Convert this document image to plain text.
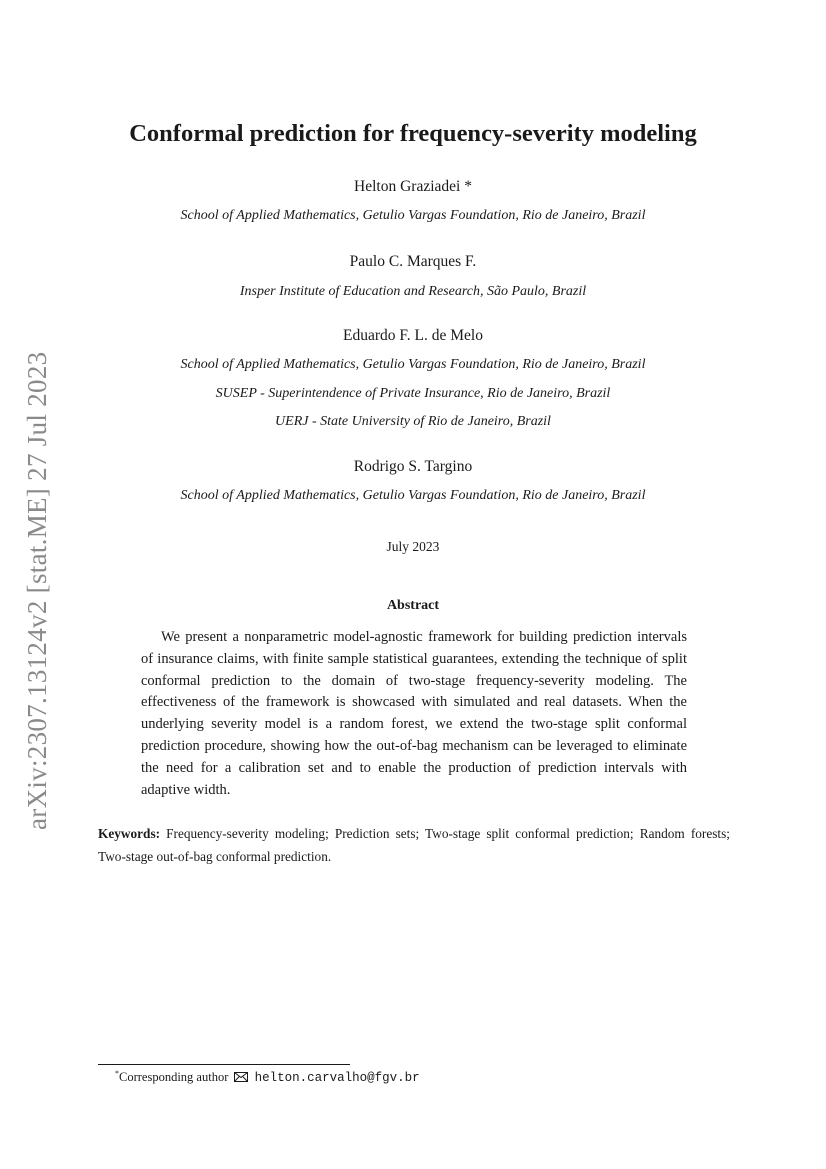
arXiv:2307.13124v2 [stat.ME] 27 Jul 2023
Conformal prediction for frequency-severity modeling
Helton Graziadei *
School of Applied Mathematics, Getulio Vargas Foundation, Rio de Janeiro, Brazil
Paulo C. Marques F.
Insper Institute of Education and Research, São Paulo, Brazil
Eduardo F. L. de Melo
School of Applied Mathematics, Getulio Vargas Foundation, Rio de Janeiro, Brazil
SUSEP - Superintendence of Private Insurance, Rio de Janeiro, Brazil
UERJ - State University of Rio de Janeiro, Brazil
Rodrigo S. Targino
School of Applied Mathematics, Getulio Vargas Foundation, Rio de Janeiro, Brazil
July 2023
Abstract

We present a nonparametric model-agnostic framework for building prediction intervals of insurance claims, with finite sample statistical guarantees, extending the technique of split conformal prediction to the domain of two-stage frequency-severity modeling. The effectiveness of the framework is showcased with simulated and real datasets. When the underlying severity model is a random forest, we extend the two-stage split conformal prediction procedure, showing how the out-of-bag mechanism can be leveraged to eliminate the need for a calibration set and to enable the production of prediction intervals with adaptive width.

Keywords: Frequency-severity modeling; Prediction sets; Two-stage split conformal prediction; Random forests; Two-stage out-of-bag conformal prediction.

*Corresponding author helton.carvalho@fgv.br
